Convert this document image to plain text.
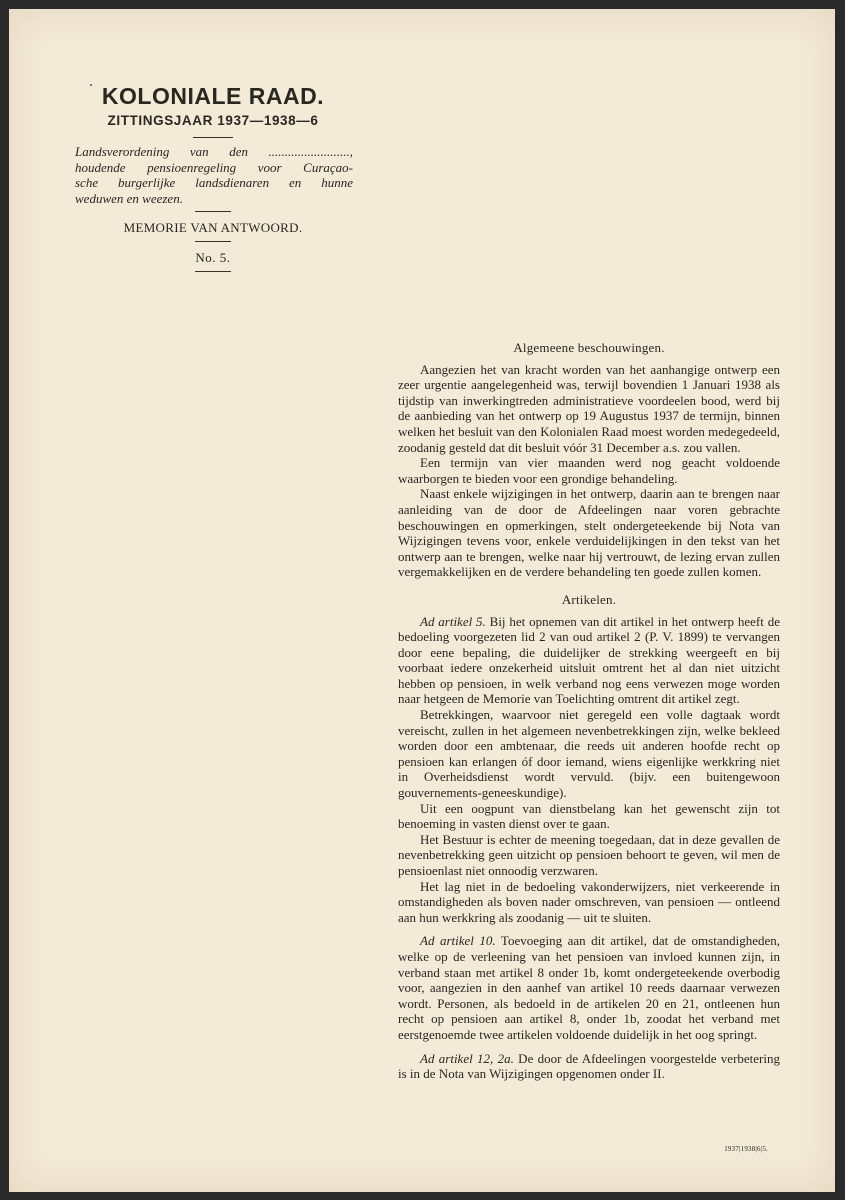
KOLONIALE RAAD.
ZITTINGSJAAR 1937—1938—6
Landsverordening van den .........................,
houdende pensioenregeling voor Curaçao-
sche burgerlijke landsdienaren en hunne
weduwen en weezen.
MEMORIE VAN ANTWOORD.
No. 5.
Algemeene beschouwingen.

Aangezien het van kracht worden van het aanhangige ontwerp een zeer urgentie aangelegenheid was, terwijl bovendien 1 Januari 1938 als tijdstip van inwerkingtreden administratieve voordeelen bood, werd bij de aanbieding van het ontwerp op 19 Augustus 1937 de termijn, binnen welken het besluit van den Kolonialen Raad moest worden medegedeeld, zoodanig gesteld dat dit besluit vóór 31 December a.s. zou vallen.

Een termijn van vier maanden werd nog geacht voldoende waarborgen te bieden voor een grondige behandeling.

Naast enkele wijzigingen in het ontwerp, daarin aan te brengen naar aanleiding van de door de Afdeelingen naar voren gebrachte beschouwingen en opmerkingen, stelt ondergeteekende bij Nota van Wijzigingen tevens voor, enkele verduidelijkingen in den tekst van het ontwerp aan te brengen, welke naar hij vertrouwt, de lezing ervan zullen vergemakkelijken en de verdere behandeling ten goede zullen komen.

Artikelen.

Ad artikel 5. Bij het opnemen van dit artikel in het ontwerp heeft de bedoeling voorgezeten lid 2 van oud artikel 2 (P. V. 1899) te vervangen door eene bepaling, die duidelijker de strekking weergeeft en bij voorbaat iedere onzekerheid uitsluit omtrent het al dan niet uitzicht hebben op pensioen, in welk verband nog eens verwezen moge worden naar hetgeen de Memorie van Toelichting omtrent dit artikel zegt.

Betrekkingen, waarvoor niet geregeld een volle dagtaak wordt vereischt, zullen in het algemeen nevenbetrekkingen zijn, welke bekleed worden door een ambtenaar, die reeds uit anderen hoofde recht op pensioen kan erlangen óf door iemand, wiens eigenlijke werkkring niet in Overheidsdienst wordt vervuld. (bijv. een buitengewoon gouvernements-geneeskundige).

Uit een oogpunt van dienstbelang kan het gewenscht zijn tot benoeming in vasten dienst over te gaan.

Het Bestuur is echter de meening toegedaan, dat in deze gevallen de nevenbetrekking geen uitzicht op pensioen behoort te geven, wil men de pensioenlast niet onnoodig verzwaren.

Het lag niet in de bedoeling vakonderwijzers, niet verkeerende in omstandigheden als boven nader omschreven, van pensioen — ontleend aan hun werkkring als zoodanig — uit te sluiten.

Ad artikel 10. Toevoeging aan dit artikel, dat de omstandigheden, welke op de verleening van het pensioen van invloed kunnen zijn, in verband staan met artikel 8 onder 1b, komt ondergeteekende overbodig voor, aangezien in den aanhef van artikel 10 reeds daarnaar verwezen wordt. Personen, als bedoeld in de artikelen 20 en 21, ontleenen hun recht op pensioen aan artikel 8, onder 1b, zoodat het verband met eerstgenoemde twee artikelen voldoende duidelijk in het oog springt.

Ad artikel 12, 2a. De door de Afdeelingen voorgestelde verbetering is in de Nota van Wijzigingen opgenomen onder II.

1937|1938|6|5.
